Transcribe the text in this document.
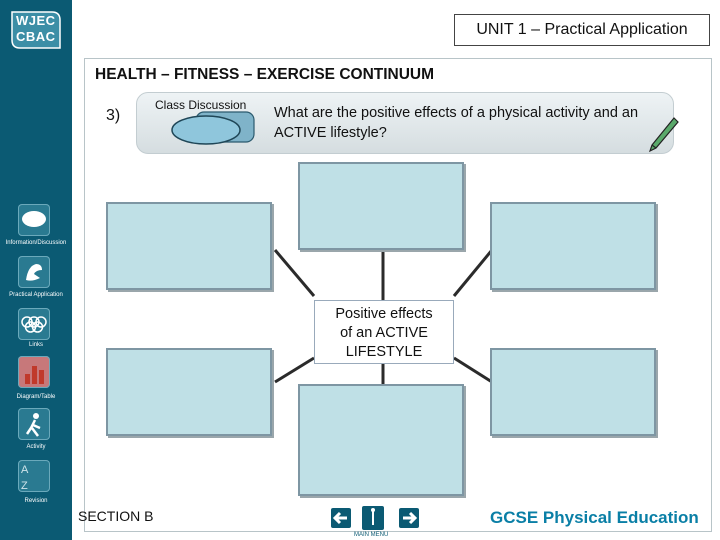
WJEC
CBAC
Information/Discussion
Practical Application
Links
Diagram/Table
Activity
A
Z
Revision
UNIT 1 – Practical Application
HEALTH – FITNESS – EXERCISE CONTINUUM
3)
Class Discussion What are the positive effects of a physical activity and an ACTIVE lifestyle?
Positive effects
of an ACTIVE
LIFESTYLE
SECTION B
MAIN MENU
GCSE Physical Education
